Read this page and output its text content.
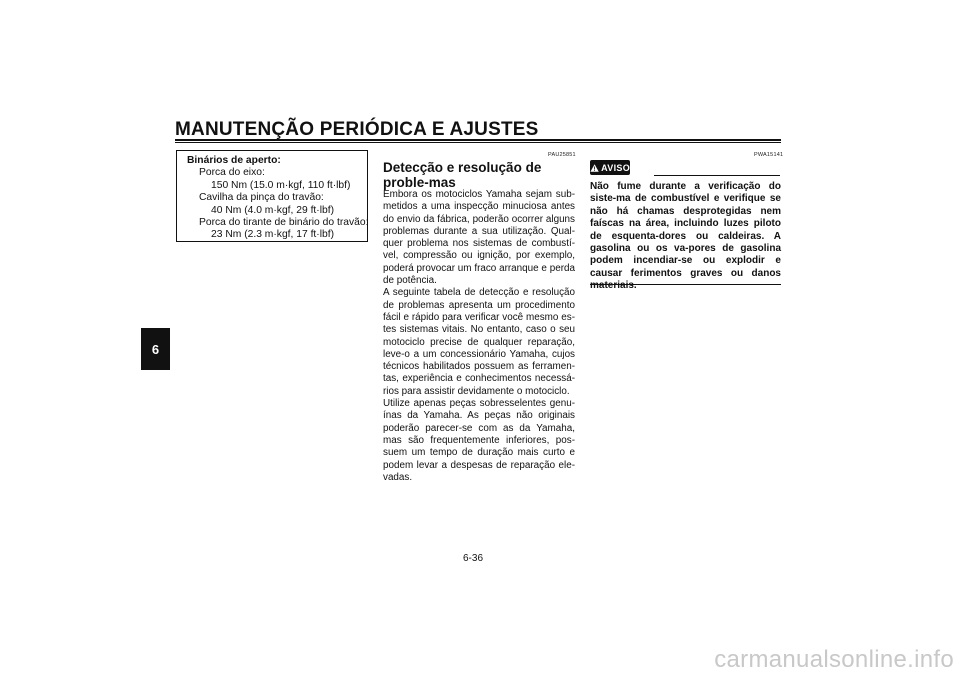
MANUTENÇÃO PERIÓDICA E AJUSTES
6
Binários de aperto:
Porca do eixo:
150 Nm (15.0 m·kgf, 110 ft·lbf)
Cavilha da pinça do travão:
40 Nm (4.0 m·kgf, 29 ft·lbf)
Porca do tirante de binário do travão:
23 Nm (2.3 m·kgf, 17 ft·lbf)
PAU25851
Detecção e resolução de proble-mas

Embora os motociclos Yamaha sejam sub-metidos a uma inspecção minuciosa antes do envio da fábrica, poderão ocorrer alguns problemas durante a sua utilização. Qual-quer problema nos sistemas de combustí-vel, compressão ou ignição, por exemplo, poderá provocar um fraco arranque e perda de potência.

A seguinte tabela de detecção e resolução de problemas apresenta um procedimento fácil e rápido para verificar você mesmo es-tes sistemas vitais. No entanto, caso o seu motociclo precise de qualquer reparação, leve-o a um concessionário Yamaha, cujos técnicos habilitados possuem as ferramen-tas, experiência e conhecimentos necessá-rios para assistir devidamente o motociclo.

Utilize apenas peças sobresselentes genu-ínas da Yamaha. As peças não originais poderão parecer-se com as da Yamaha, mas são frequentemente inferiores, pos-suem um tempo de duração mais curto e podem levar a despesas de reparação ele-vadas.

PWA15141
AVISO
Não fume durante a verificação do siste-ma de combustível e verifique se não há chamas desprotegidas nem faíscas na área, incluindo luzes piloto de esquenta-dores ou caldeiras. A gasolina ou os va-pores de gasolina podem incendiar-se ou explodir e causar ferimentos graves ou danos materiais.
6-36
carmanualsonline.info
